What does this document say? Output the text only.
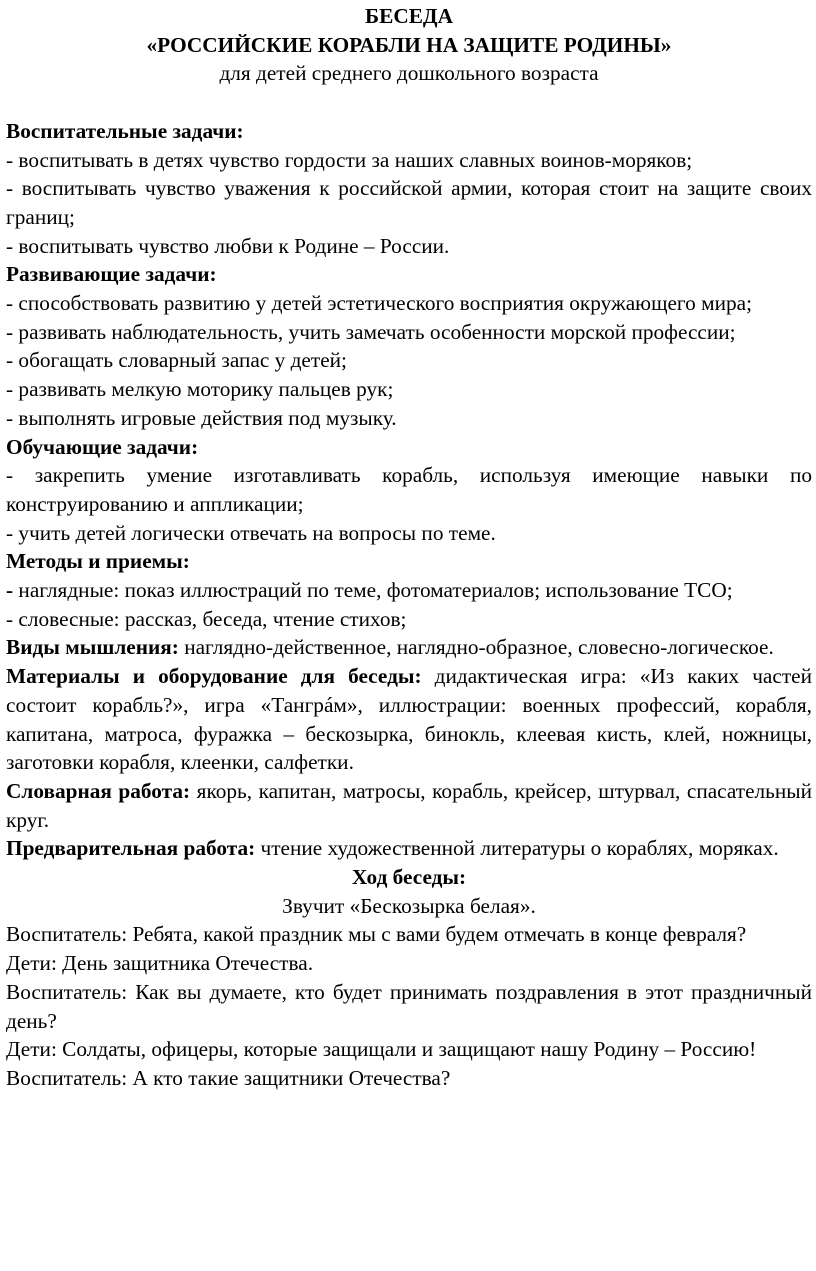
БЕСЕДА

«РОССИЙСКИЕ КОРАБЛИ НА ЗАЩИТЕ РОДИНЫ»

для детей среднего дошкольного возраста

Воспитательные задачи:

- воспитывать в детях чувство гордости за наших славных воинов-моряков;

- воспитывать чувство уважения к российской армии, которая стоит на защите своих границ;

- воспитывать чувство любви к Родине – России.

Развивающие задачи:

- способствовать развитию у детей эстетического восприятия окружающего мира;

- развивать наблюдательность, учить замечать особенности морской профессии;

- обогащать словарный запас у детей;

- развивать мелкую моторику пальцев рук;

- выполнять игровые действия под музыку.

Обучающие задачи:

- закрепить умение изготавливать корабль, используя имеющие навыки по конструированию и аппликации;

- учить детей логически отвечать на вопросы по теме.

Методы и приемы:

- наглядные: показ иллюстраций по теме, фотоматериалов; использование ТСО;

- словесные: рассказ, беседа, чтение стихов;

Виды мышления: наглядно-действенное, наглядно-образное, словесно-логическое.

Материалы и оборудование для беседы: дидактическая игра: «Из каких частей состоит корабль?», игра «Тангрáм», иллюстрации: военных профессий, корабля, капитана, матроса, фуражка – бескозырка, бинокль, клеевая кисть, клей, ножницы, заготовки корабля, клеенки, салфетки.

Словарная работа: якорь, капитан, матросы, корабль, крейсер, штурвал, спасательный круг.

Предварительная работа: чтение художественной литературы о кораблях, моряках.

Ход беседы:

Звучит «Бескозырка белая».

Воспитатель: Ребята, какой праздник мы с вами будем отмечать в конце февраля?

Дети: День защитника Отечества.

Воспитатель: Как вы думаете, кто будет принимать поздравления в этот праздничный день?

Дети: Солдаты, офицеры, которые защищали и защищают нашу Родину – Россию!

Воспитатель: А кто такие защитники Отечества?
